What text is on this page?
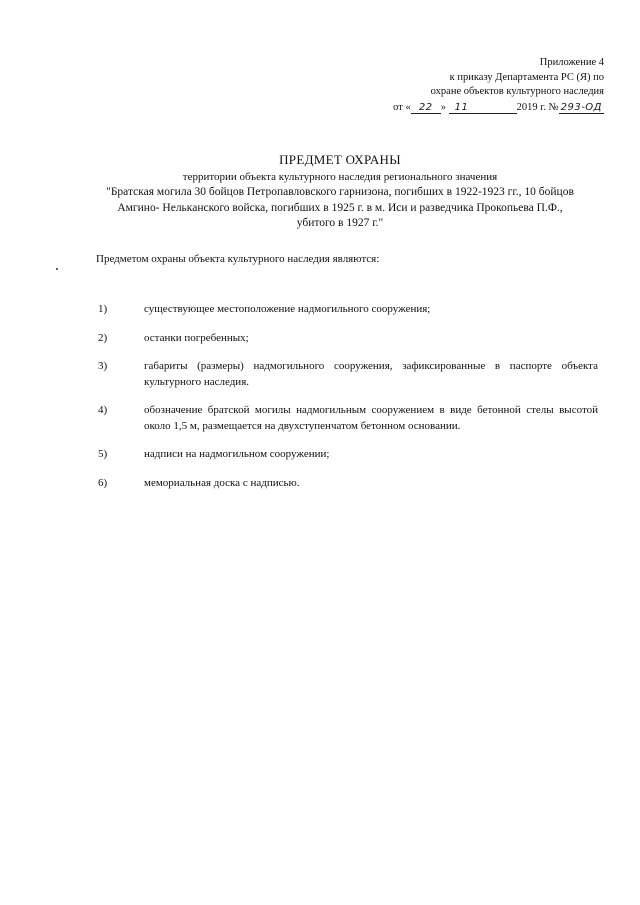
Приложение 4
к приказу Департамента РС (Я) по
охране объектов культурного наследия
от « 22 » 11	2019 г. № 293-ОД
ПРЕДМЕТ ОХРАНЫ
территории объекта культурного наследия регионального значения
"Братская могила 30 бойцов Петропавловского гарнизона, погибших в 1922-1923 гг., 10 бойцов
Амгино- Нельканского войска, погибших в 1925 г. в м. Иси и разведчика Прокопьева П.Ф.,
убитого в 1927 г."
Предметом охраны объекта культурного наследия являются:
1)	существующее местоположение надмогильного сооружения;
2)	останки погребенных;
3)	габариты (размеры) надмогильного сооружения, зафиксированные в паспорте объекта культурного наследия.
4)	обозначение братской могилы надмогильным сооружением в виде бетонной стелы высотой около 1,5 м, размещается на двухступенчатом бетонном основании.
5)	надписи на надмогильном сооружении;
6)	мемориальная доска с надписью.
